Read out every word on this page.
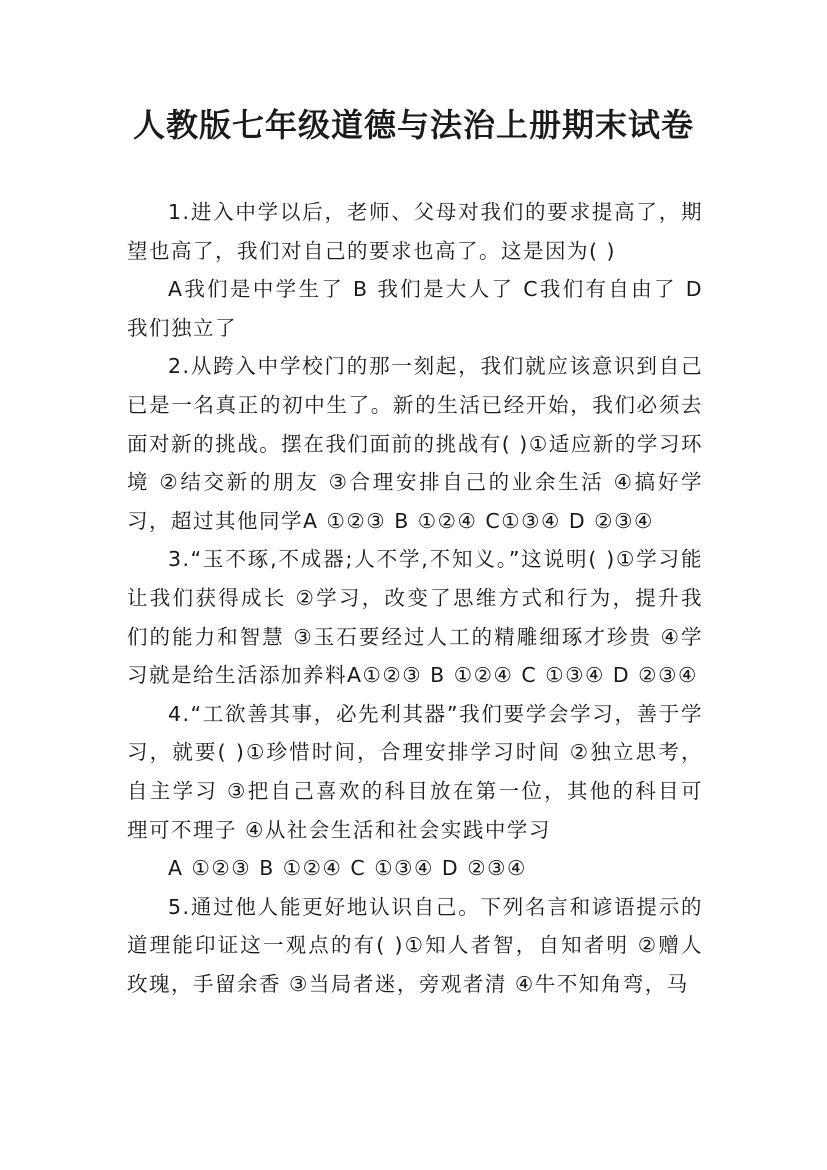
人教版七年级道德与法治上册期末试卷

1.进入中学以后，老师、父母对我们的要求提高了，期望也高了，我们对自己的要求也高了。这是因为( )

A我们是中学生了 B 我们是大人了 C我们有自由了 D 我们独立了

2.从跨入中学校门的那一刻起，我们就应该意识到自己已是一名真正的初中生了。新的生活已经开始，我们必须去面对新的挑战。摆在我们面前的挑战有( )①适应新的学习环境 ②结交新的朋友 ③合理安排自己的业余生活 ④搞好学习，超过其他同学A ①②③ B ①②④ C①③④ D ②③④

3.“玉不琢,不成器;人不学,不知义。”这说明( )①学习能让我们获得成长 ②学习，改变了思维方式和行为，提升我们的能力和智慧 ③玉石要经过人工的精雕细琢才珍贵 ④学习就是给生活添加养料A①②③ B ①②④ C ①③④ D ②③④

4.“工欲善其事，必先利其器”我们要学会学习，善于学习，就要( )①珍惜时间，合理安排学习时间 ②独立思考，自主学习 ③把自己喜欢的科目放在第一位，其他的科目可理可不理子 ④从社会生活和社会实践中学习

A ①②③ B ①②④ C ①③④ D ②③④

5.通过他人能更好地认识自己。下列名言和谚语提示的道理能印证这一观点的有( )①知人者智，自知者明 ②赠人玫瑰，手留余香 ③当局者迷，旁观者清 ④牛不知角弯，马
